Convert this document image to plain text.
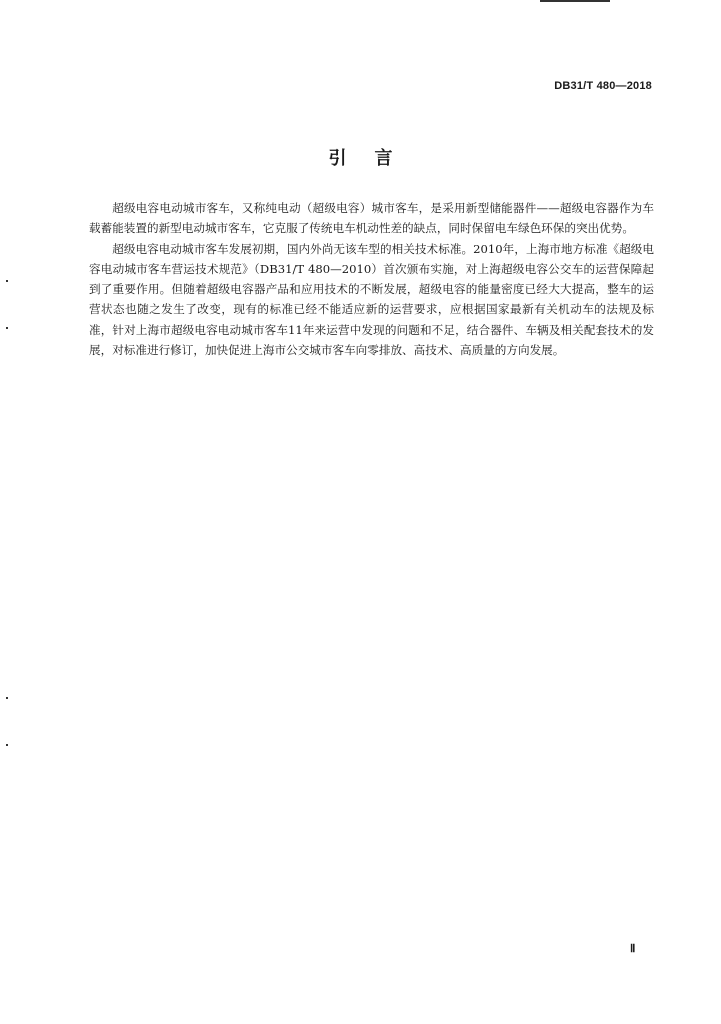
DB31/T 480—2018
引言

超级电容电动城市客车，又称纯电动（超级电容）城市客车，是采用新型储能器件——超级电容器作为车载蓄能装置的新型电动城市客车，它克服了传统电车机动性差的缺点，同时保留电车绿色环保的突出优势。

超级电容电动城市客车发展初期，国内外尚无该车型的相关技术标准。2010年，上海市地方标准《超级电容电动城市客车营运技术规范》（DB31/T 480—2010）首次颁布实施，对上海超级电容公交车的运营保障起到了重要作用。但随着超级电容器产品和应用技术的不断发展，超级电容的能量密度已经大大提高，整车的运营状态也随之发生了改变，现有的标准已经不能适应新的运营要求，应根据国家最新有关机动车的法规及标准，针对上海市超级电容电动城市客车11年来运营中发现的问题和不足，结合器件、车辆及相关配套技术的发展，对标准进行修订，加快促进上海市公交城市客车向零排放、高技术、高质量的方向发展。

Ⅱ
